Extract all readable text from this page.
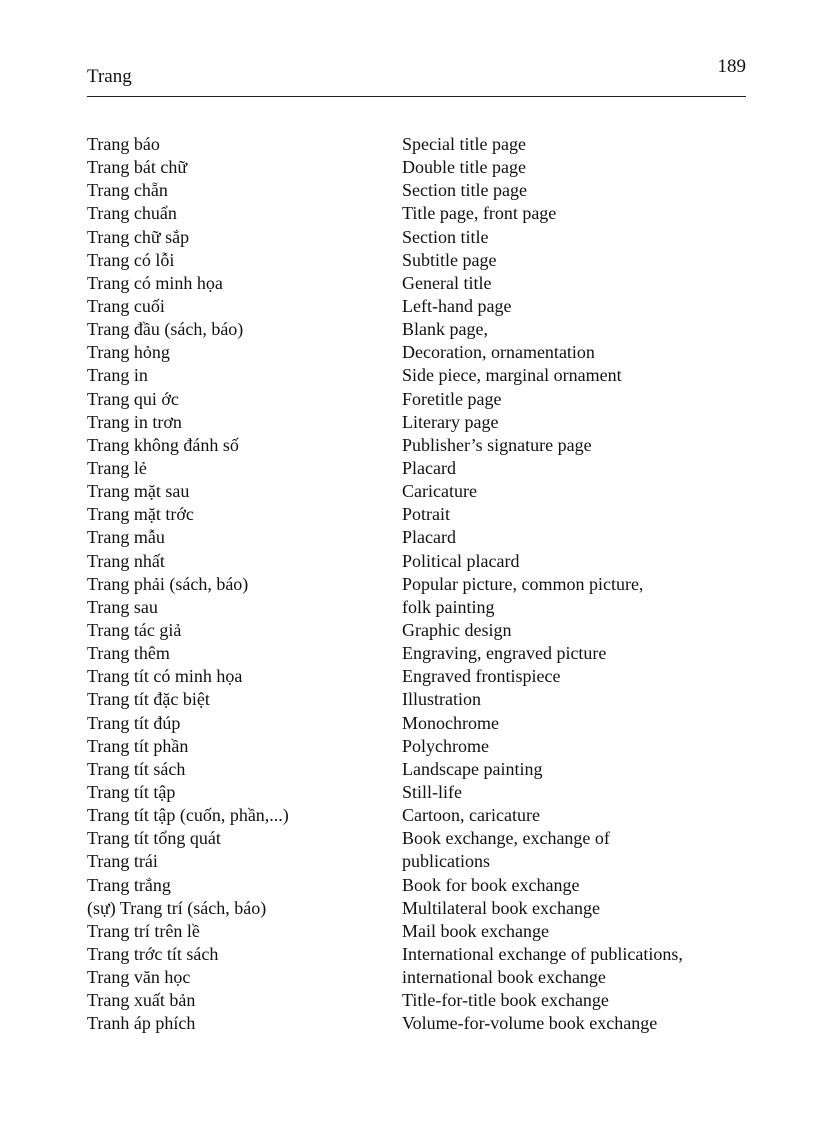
Trang	189
Trang báo	Special title page
Trang bát chữ	Double title page
Trang chẵn	Section title page
Trang chuẩn	Title page, front page
Trang chữ sắp	Section title
Trang có lỗi	Subtitle page
Trang có minh họa	General title
Trang cuối	Left-hand page
Trang đầu (sách, báo)	Blank page,
Trang hỏng	Decoration, ornamentation
Trang in	Side piece, marginal ornament
Trang qui ớc	Foretitle page
Trang in trơn	Literary page
Trang không đánh số	Publisher’s signature page
Trang lẻ	Placard
Trang mặt sau	Caricature
Trang mặt trớc	Potrait
Trang mẫu	Placard
Trang nhất	Political placard
Trang phải (sách, báo)	Popular picture, common picture,
Trang sau	folk painting
Trang tác giả	Graphic design
Trang thêm	Engraving, engraved picture
Trang tít có minh họa	Engraved frontispiece
Trang tít đặc biệt	Illustration
Trang tít đúp	Monochrome
Trang tít phần	Polychrome
Trang tít sách	Landscape painting
Trang tít tập	Still-life
Trang tít tập (cuốn, phần,...)	Cartoon, caricature
Trang tít tổng quát	Book exchange, exchange of
Trang trái	publications
Trang trắng	Book for book exchange
(sự) Trang trí (sách, báo)	Multilateral book exchange
Trang trí trên lề	Mail book exchange
Trang trớc tít sách	International exchange of publications,
Trang văn học	international book exchange
Trang xuất bản	Title-for-title book exchange
Tranh áp phích	Volume-for-volume book exchange
